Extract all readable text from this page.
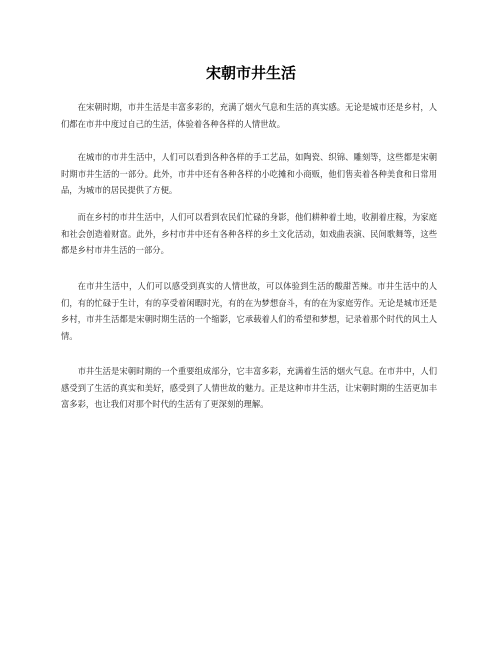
宋朝市井生活

在宋朝时期，市井生活是丰富多彩的，充满了烟火气息和生活的真实感。无论是城市还是乡村，人们都在市井中度过自己的生活，体验着各种各样的人情世故。

在城市的市井生活中，人们可以看到各种各样的手工艺品，如陶瓷、织锦、雕刻等，这些都是宋朝时期市井生活的一部分。此外，市井中还有各种各样的小吃摊和小商贩，他们售卖着各种美食和日常用品，为城市的居民提供了方便。

而在乡村的市井生活中，人们可以看到农民们忙碌的身影，他们耕种着土地，收割着庄稼，为家庭和社会创造着财富。此外，乡村市井中还有各种各样的乡土文化活动，如戏曲表演、民间歌舞等，这些都是乡村市井生活的一部分。

在市井生活中，人们可以感受到真实的人情世故，可以体验到生活的酸甜苦辣。市井生活中的人们，有的忙碌于生计，有的享受着闲暇时光，有的在为梦想奋斗，有的在为家庭劳作。无论是城市还是乡村，市井生活都是宋朝时期生活的一个缩影，它承载着人们的希望和梦想，记录着那个时代的风土人情。

市井生活是宋朝时期的一个重要组成部分，它丰富多彩，充满着生活的烟火气息。在市井中，人们感受到了生活的真实和美好，感受到了人情世故的魅力。正是这种市井生活，让宋朝时期的生活更加丰富多彩，也让我们对那个时代的生活有了更深刻的理解。
